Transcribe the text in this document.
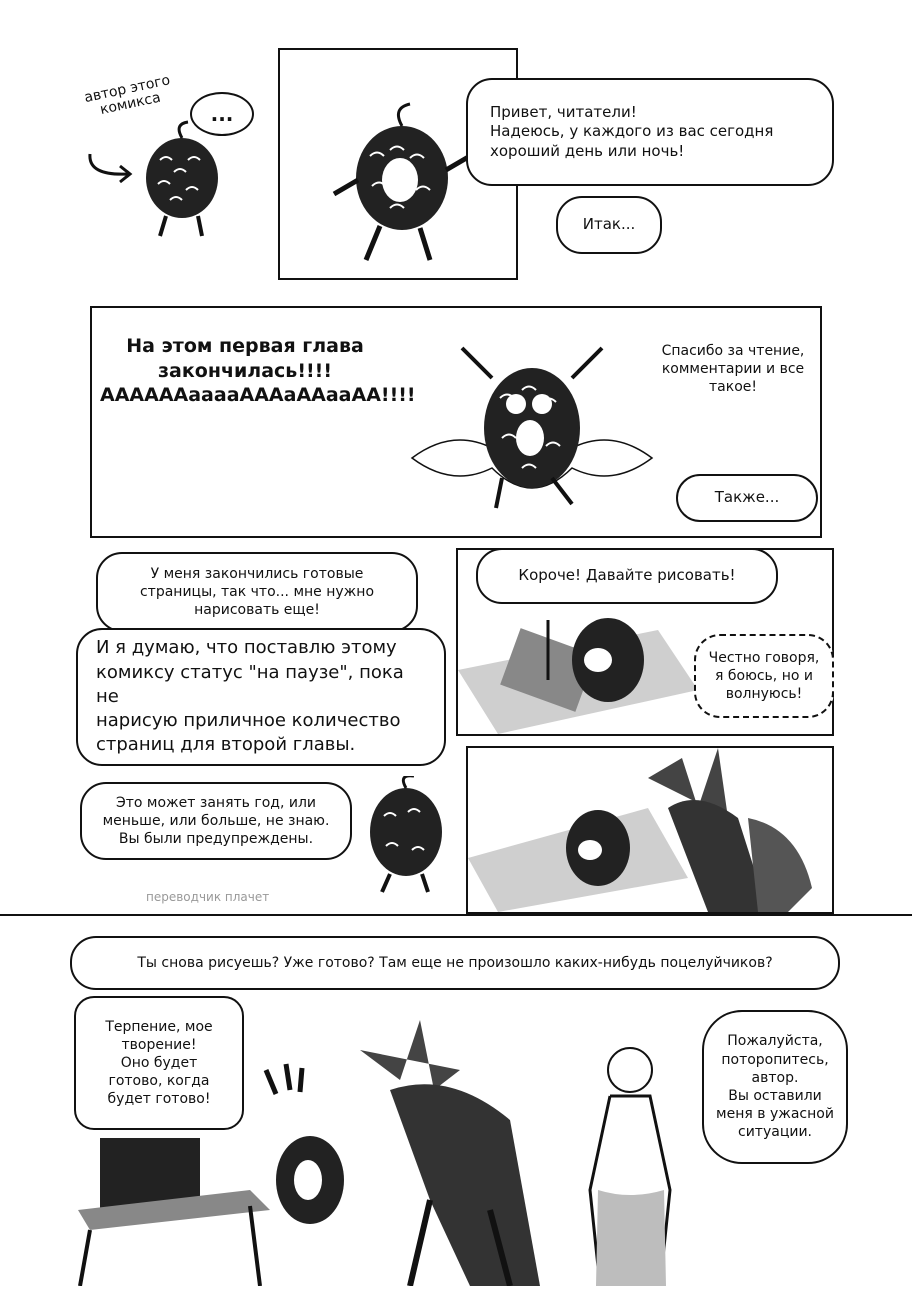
автор этого
комикса	...	Привет, читатели!
Надеюсь, у каждого из вас сегодня
хороший день или ночь!
Итак...
На этом первая глава
закончилась!!!!
ААААААааааАААаААааАА!!!!
Спасибо за чтение,
комментарии и все
такое!
Также...
У меня закончились готовые
страницы, так что... мне нужно
нарисовать еще!
И я думаю, что поставлю этому
комиксу статус "на паузе", пока не
нарисую приличное количество
страниц для второй главы.
Короче! Давайте рисовать!
Честно говоря,
я боюсь, но и
волнуюсь!
Это может занять год, или
меньше, или больше, не знаю.
Вы были предупреждены.
переводчик плачет
Ты снова рисуешь? Уже готово? Там еще не произошло каких-нибудь поцелуйчиков?
Терпение, мое
творение!
Оно будет
готово, когда
будет готово!
Пожалуйста,
поторопитесь,
автор.
Вы оставили
меня в ужасной
ситуации.
